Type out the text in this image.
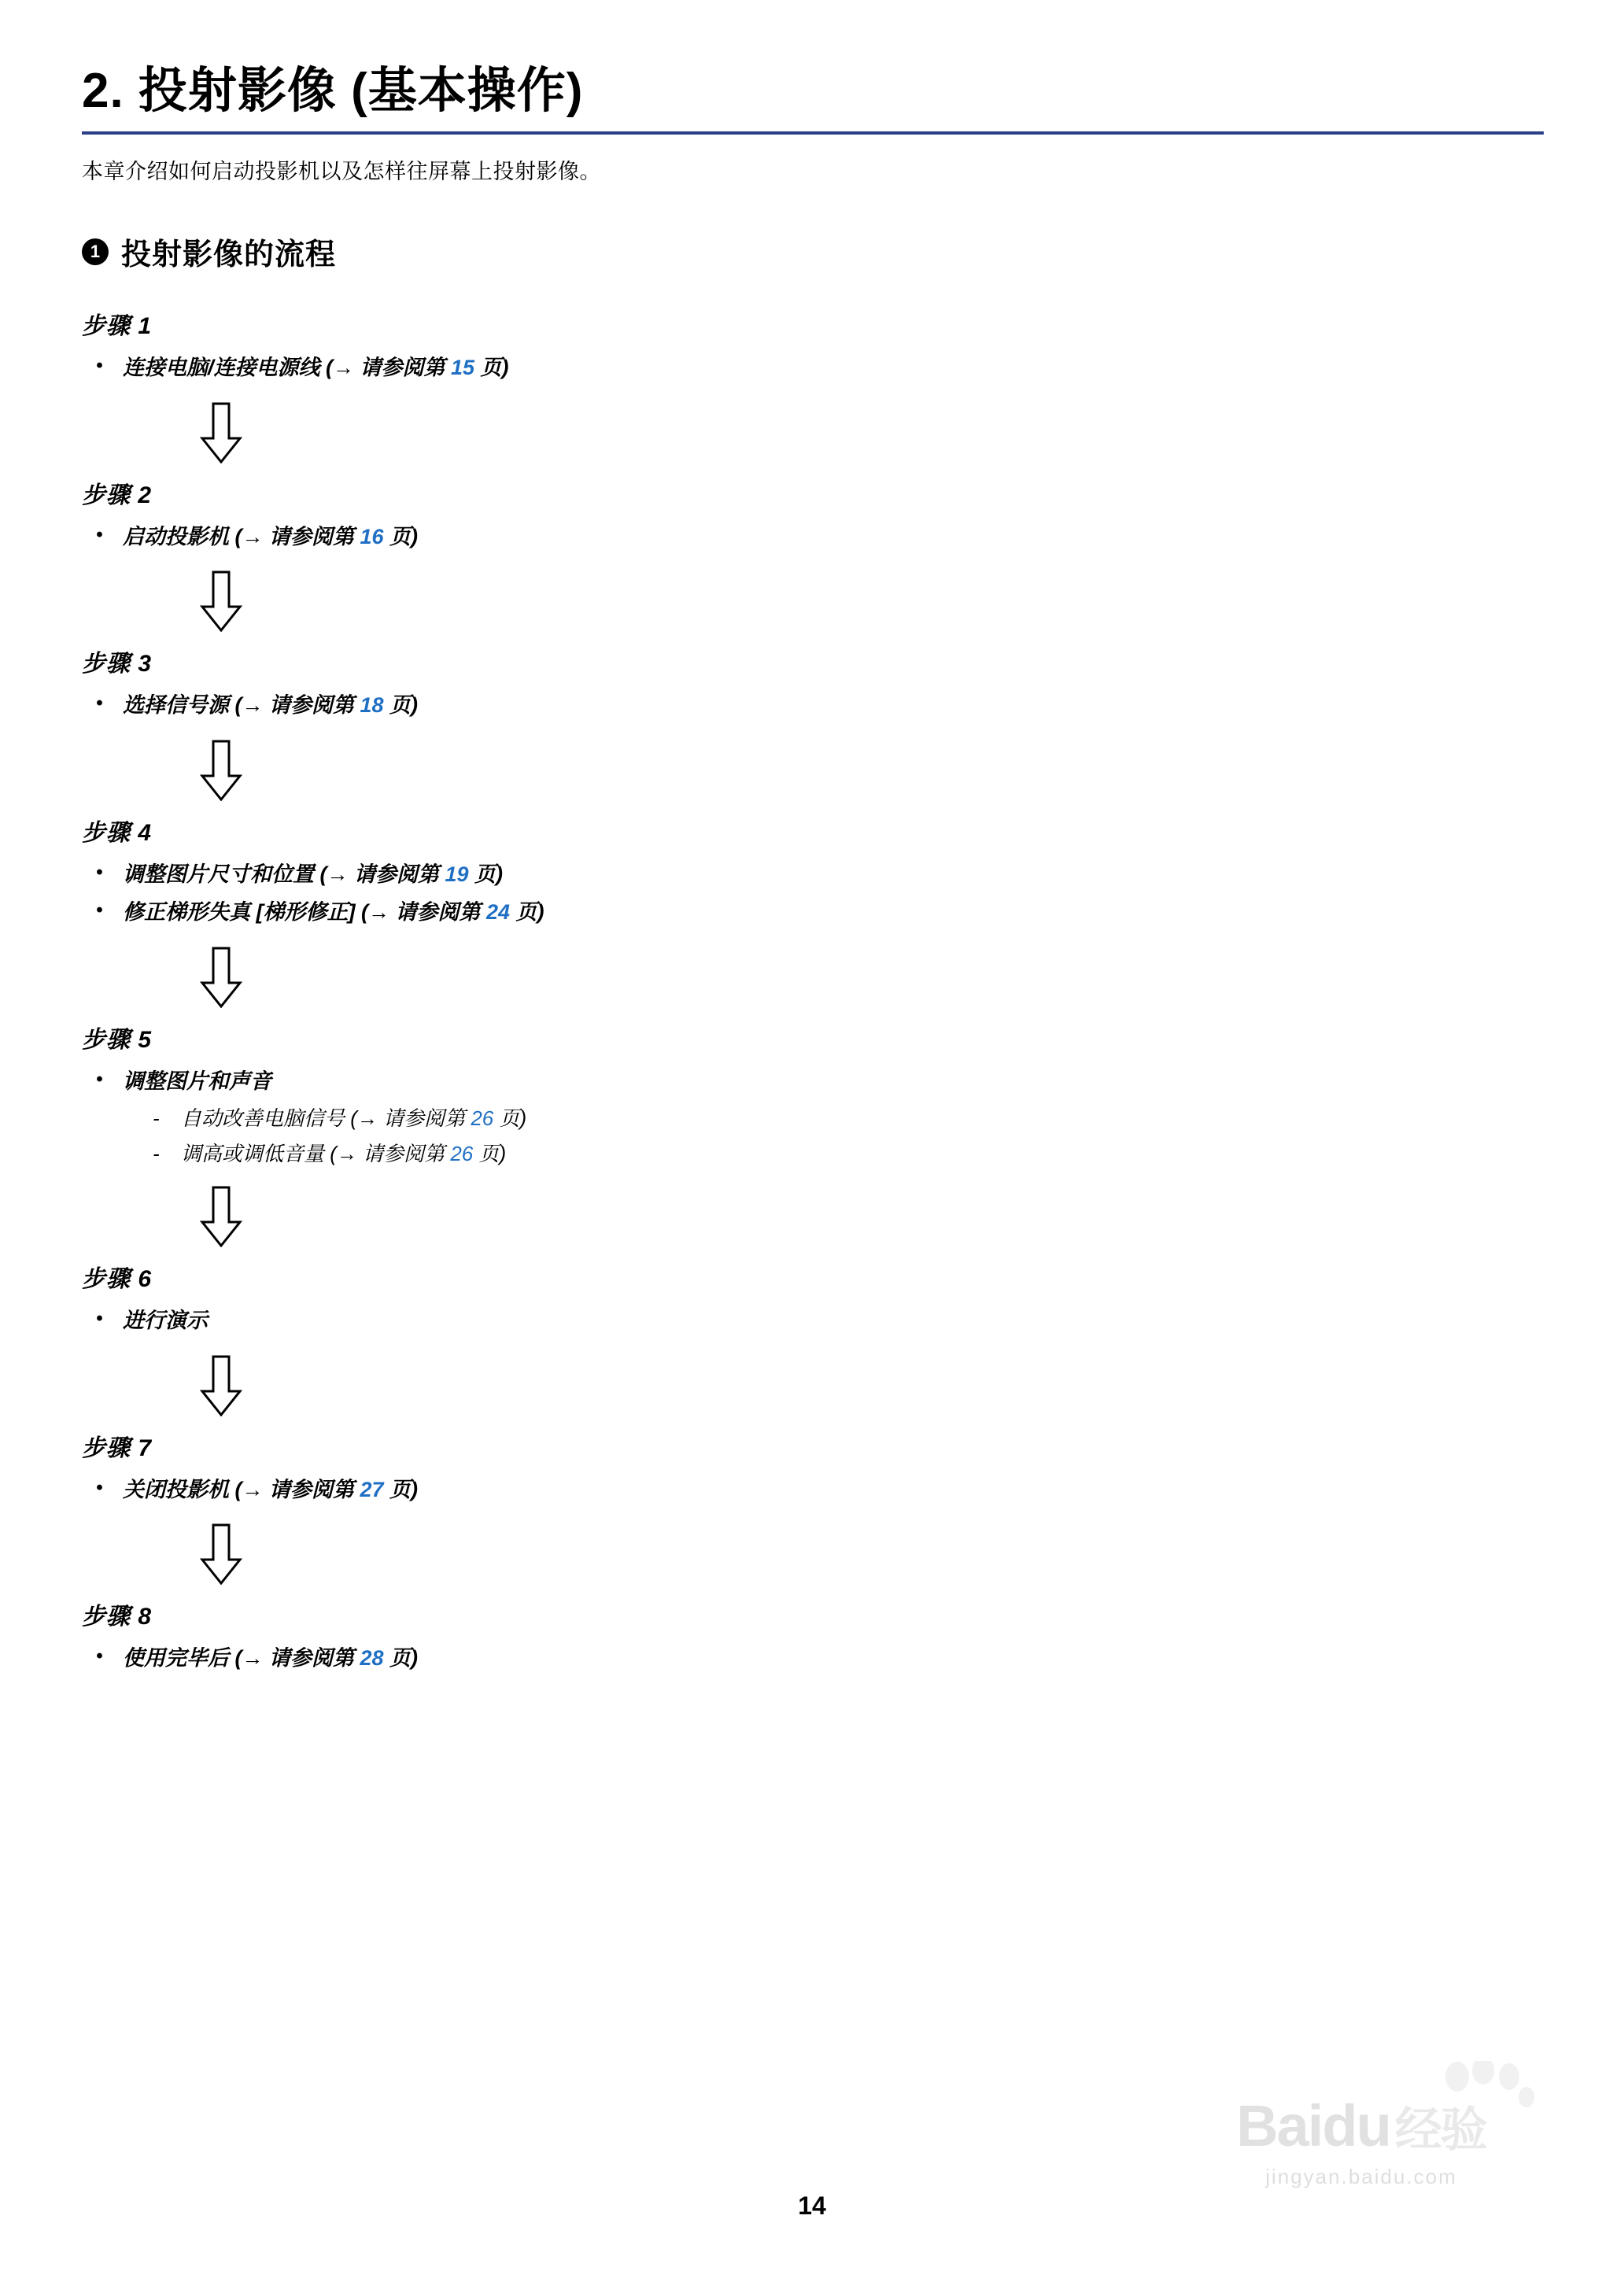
2. 投射影像 (基本操作)
本章介绍如何启动投影机以及怎样往屏幕上投射影像。
1 投射影像的流程
步骤 1
• 连接电脑/连接电源线 (→ 请参阅第 15 页)
步骤 2
• 启动投影机 (→ 请参阅第 16 页)
步骤 3
• 选择信号源 (→ 请参阅第 18 页)
步骤 4
• 调整图片尺寸和位置 (→ 请参阅第 19 页)
• 修正梯形失真 [梯形修正] (→ 请参阅第 24 页)
步骤 5
• 调整图片和声音
-	自动改善电脑信号 (→ 请参阅第 26 页)
-	调高或调低音量 (→ 请参阅第 26 页)
步骤 6
• 进行演示
步骤 7
• 关闭投影机 (→ 请参阅第 27 页)
步骤 8
• 使用完毕后 (→ 请参阅第 28 页)
14
Baidu 经验
jingyan.baidu.com
